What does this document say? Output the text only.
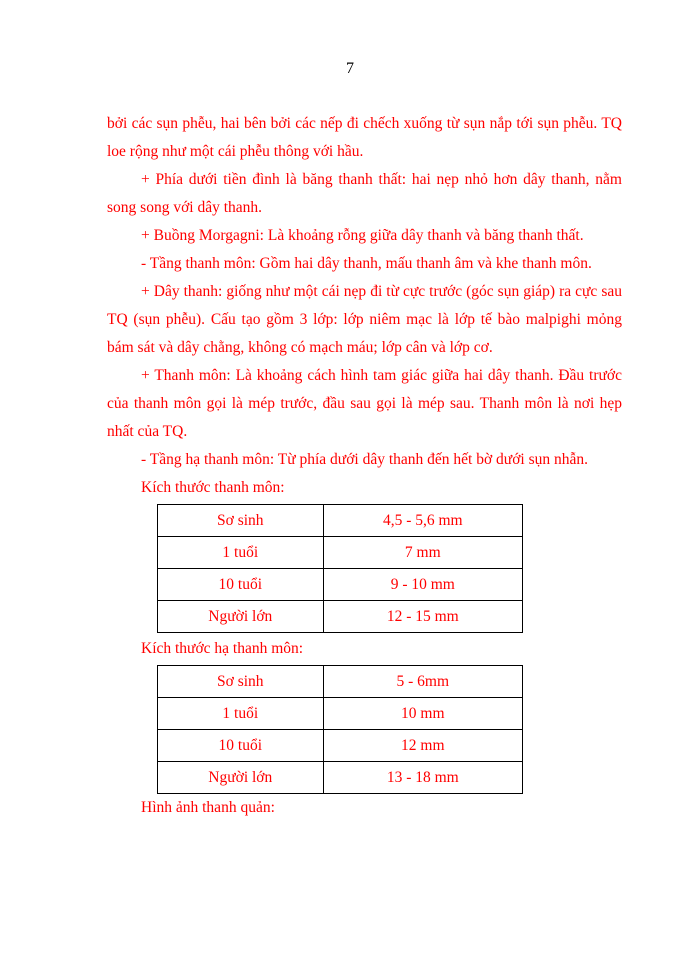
7

bởi các sụn phễu, hai bên bởi các nếp đi chếch xuống từ sụn nắp tới sụn phễu. TQ loe rộng như một cái phễu thông với hầu.

+ Phía dưới tiền đình là băng thanh thất: hai nẹp nhỏ hơn dây thanh, nằm song song với dây thanh.

+ Buồng Morgagni: Là khoảng rỗng giữa dây thanh và băng thanh thất.

- Tầng thanh môn: Gồm hai dây thanh, mấu thanh âm và khe thanh môn.

+ Dây thanh: giống như một cái nẹp đi từ cực trước (góc sụn giáp) ra cực sau TQ (sụn phễu). Cấu tạo gồm 3 lớp: lớp niêm mạc là lớp tế bào malpighi mỏng bám sát và dây chằng, không có mạch máu; lớp cân và lớp cơ.

+ Thanh môn: Là khoảng cách hình tam giác giữa hai dây thanh. Đầu trước của thanh môn gọi là mép trước, đầu sau gọi là mép sau. Thanh môn là nơi hẹp nhất của TQ.

- Tầng hạ thanh môn: Từ phía dưới dây thanh đến hết bờ dưới sụn nhẫn.

Kích thước thanh môn:

Sơ sinh	4,5 - 5,6 mm
1 tuổi	7 mm
10 tuổi	9 - 10 mm
Người lớn	12 - 15 mm

Kích thước hạ thanh môn:

Sơ sinh	5 - 6mm
1 tuổi	10 mm
10 tuổi	12 mm
Người lớn	13 - 18 mm

Hình ảnh thanh quản:
